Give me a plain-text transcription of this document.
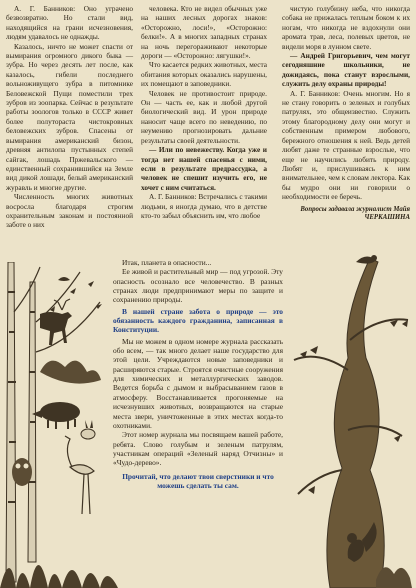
А. Г. Банников: Оно уграчено безвозвратно. Но стали вид, находящийся на грани исчезновения, людям удавалось не однажды.

Казалось, ничто не может спасти от вымирания огромного дикого быка — зубра. Но через десять лет после, как казалось, гибели последнего вольноживущего зубра в питомнике Беловежской Пущи поместили трех зубров из зоопарка. Сейчас в результате работы зоологов только в СССР живет более полутораста чистокровных беловежских зубров. Спасены от вымирания американский бизон, древняя антилопа пустынных степей сайгак, лошадь Пржевальского — единственный сохранившийся на Земле вид дикой лошади, белый американский журавль и многие другие.

Численность многих животных восросла благодаря строгим охранительным законам и постоянной заботе о них

человека. Кто не видел обычных уже на наших лесных дорогах знаков: «Осторожно, лоси!», «Осторожно: белки!». А в многих западных странах на ночь перегораживают некоторые дороги — «Осторожно: лягушки!».

Что касается редких животных, места обитания которых оказались нарушены, их помещают в заповедники.

Человек не противостоит природе. Он — часть ее, как и любой другой биологический вид. И урон природе наносит чаще всего по неведению, по неумению прогнозировать дальние результаты своей деятельности.

— Или по невежеству. Когда уже и тогда нет нашей спасенья с ними, если в результате предрассудка, а человек не спешит изучить его, не хочет с ним считаться.

А. Г. Банников: Встречались с такими людьми, я иногда думаю, что в детстве кто-то забыл объяснить им, что любое

чистую голубизну неба, что никогда собака не прижалась теплым боком к их ногам, что никогда не вздохнули они аромата трав, леса, полевых цветов, не видели моря в лунном свете.

— Андрей Григорьевич, чем могут сегодняшние школьники, не дожидаясь, пока станут взрослыми, служить делу охраны природы!

А. Г. Банников: Очень многим. Но я не стану говорить о зеленых и голубых патрулях, это общеизвестно. Служить этому благородному делу они могут и собственным примером любового, бережного отношения к ней. Ведь детей любят даже те странные взрослые, что еще не научились любить природу. Любят и, прислушиваясь к ним внимательнее, чем к словам лектора. Как бы мудро они ни говорили о необходимости ее беречь.

Вопросы задавала журналист Майя ЧЕРКАШИНА

Итак, планета в опасности...

Ее живой и растительный мир — под угрозой. Эту опасность осознало все человечество. В разных странах люди предпринимают меры по защите и сохранению природы.

В нашей стране забота о природе — это обязанность каждого гражданина, записанная в Конституции.

Мы не можем в одном номере журнала рассказать обо всем, — так много делает наше государство для этой цели. Учреждаются новые заповедники и расширяются старые. Строятся очистные сооружения для химических и металлургических заводов. Ведется борьба с дымом и выбрасыванием газов в атмосферу. Восстанавливается прогоняемые на исчезнувших животных, возвращаются на старые места звери, уничтоженные в этих местах когда-то охотниками.

Этот номер журнала мы посвящаем вашей работе, ребята. Слово голубым и зеленым патрулям, участникам операций «Зеленый наряд Отчизны» и «Чудо-дерево».

Прочитай, что делают твои сверстники и что можешь сделать ты сам.
